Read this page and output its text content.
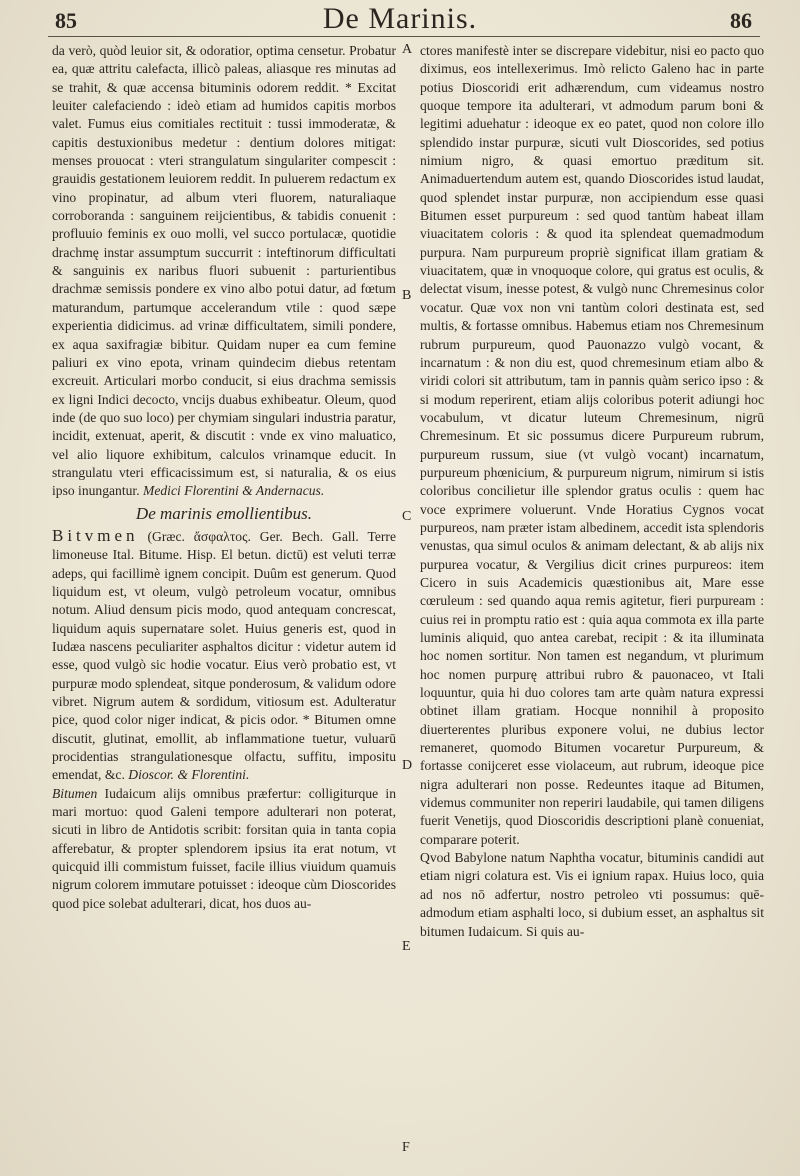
85	De Marinis.	86

da verò, quòd leuior sit, & odoratior, optima censetur. Probatur ea, quæ attritu calefacta, illicò paleas, aliasque res minutas ad se trahit, & quæ accensa bituminis odorem reddit. * Excitat leuiter calefaciendo : ideò etiam ad humidos capitis morbos valet. Fumus eius comitiales rectituit : tussi immoderatæ, & capitis destuxionibus medetur : dentium dolores mitigat: menses prouocat : vteri strangulatum singulariter compescit : grauidis gestationem leuiorem reddit. In puluerem redactum ex vino propinatur, ad album vteri fluorem, naturaliaque corroboranda : sanguinem reijcientibus, & tabidis conuenit : profluuio feminis ex ouo molli, vel succo portulacæ, quotidie drachmę instar assumptum succurrit : inteftinorum difficultati & sanguinis ex naribus fluori subuenit : parturientibus drachmæ semissis pondere ex vino albo potui datur, ad fœtum maturandum, partumque accelerandum vtile : quod sæpe experientia didicimus. ad vrinæ difficultatem, simili pondere, ex aqua saxifragiæ bibitur. Quidam nuper ea cum femine paliuri ex vino epota, vrinam quindecim diebus retentam excreuit. Articulari morbo conducit, si eius drachma semissis ex ligni Indici decocto, vncijs duabus exhibeatur. Oleum, quod inde (de quo suo loco) per chymiam singulari industria paratur, incidit, extenuat, aperit, & discutit : vnde ex vino maluatico, vel alio liquore exhibitum, calculos vrinamque educit. In strangulatu vteri efficacissimum est, si naturalia, & os eius ipso inungantur. Medici Florentini & Andernacus.

De marinis emollientibus.

Bitvmen (Græc. ἄσφαλτος. Ger. Bech. Gall. Terre limoneuse Ital. Bitume. Hisp. El betun. dictū) est veluti terræ adeps, qui facillimè ignem concipit. Duûm est generum. Quod liquidum est, vt oleum, vulgò petroleum vocatur, omnibus notum. Aliud densum picis modo, quod antequam concrescat, liquidum aquis supernatare solet. Huius generis est, quod in Iudæa nascens peculiariter asphaltos dicitur : videtur autem id esse, quod vulgò sic hodie vocatur. Eius verò probatio est, vt purpuræ modo splendeat, sitque ponderosum, & validum odore vibret. Nigrum autem & sordidum, vitiosum est. Adulteratur pice, quod color niger indicat, & picis odor. * Bitumen omne discutit, glutinat, emollit, ab inflammatione tuetur, vuluarū procidentias strangulationesque olfactu, suffitu, impositu emendat, &c. Dioscor. & Florentini.

Bitumen Iudaicum alijs omnibus præfertur: colligiturque in mari mortuo: quod Galeni tempore adulterari non poterat, sicuti in libro de Antidotis scribit: forsitan quia in tanta copia afferebatur, & propter splendorem ipsius ita erat notum, vt quicquid illi commistum fuisset, facile illius viuidum quamuis nigrum colorem immutare potuisset : ideoque cùm Dioscorides quod pice solebat adulterari, dicat, hos duos au-

A
B
C
D
E
F

ctores manifestè inter se discrepare videbitur, nisi eo pacto quo diximus, eos intellexerimus. Imò relicto Galeno hac in parte potius Dioscoridi erit adhærendum, cum videamus nostro quoque tempore ita adulterari, vt admodum parum boni & legitimi aduehatur : ideoque ex eo patet, quod non colore illo splendido instar purpuræ, sicuti vult Dioscorides, sed potius nimium nigro, & quasi emortuo præditum sit. Animaduertendum autem est, quando Dioscorides istud laudat, quod splendet instar purpuræ, non accipiendum esse quasi Bitumen esset purpureum : sed quod tantùm habeat illam viuacitatem coloris : & quod ita splendeat quemadmodum purpura. Nam purpureum propriè significat illam gratiam & viuacitatem, quæ in vnoquoque colore, qui gratus est oculis, & delectat visum, inesse potest, & vulgò nunc Chremesinus color vocatur. Quæ vox non vni tantùm colori destinata est, sed multis, & fortasse omnibus. Habemus etiam nos Chremesinum rubrum purpureum, quod Pauonazzo vulgò vocant, & incarnatum : & non diu est, quod chremesinum etiam albo & viridi colori sit attributum, tam in pannis quàm serico ipso : & si modum reperirent, etiam alijs coloribus poterit adiungi hoc vocabulum, vt dicatur luteum Chremesinum, nigrū Chremesinum. Et sic possumus dicere Purpureum rubrum, purpureum russum, siue (vt vulgò vocant) incarnatum, purpureum phœnicium, & purpureum nigrum, nimirum si istis coloribus concilietur ille splendor gratus oculis : quem hac voce exprimere voluerunt. Vnde Horatius Cygnos vocat purpureos, nam præter istam albedinem, accedit ista splendoris venustas, qua simul oculos & animam delectant, & ab alijs nix purpurea vocatur, & Vergilius dicit crines purpureos: item Cicero in suis Academicis quæstionibus ait, Mare esse cœruleum : sed quando aqua remis agitetur, fieri purpuream : cuius rei in promptu ratio est : quia aqua commota ex illa parte luminis aliquid, quo antea carebat, recipit : & ita illuminata hoc nomen sortitur. Non tamen est negandum, vt plurimum hoc nomen purpurę attribui rubro & pauonaceo, vt Itali loquuntur, quia hi duo colores tam arte quàm natura expressi obtinet illam gratiam. Hocque nonnihil à proposito diuerterentes pluribus exponere volui, ne dubius lector remaneret, quomodo Bitumen vocaretur Purpureum, & fortasse conijceret esse violaceum, aut rubrum, ideoque pice nigra adulterari non posse. Redeuntes itaque ad Bitumen, videmus communiter non reperiri laudabile, qui tamen diligens fuerit Venetijs, quod Dioscoridis descriptioni planè conueniat, comparare poterit.

Qvod Babylone natum Naphtha vocatur, bituminis candidi aut etiam nigri colatura est. Vis ei ignium rapax. Huius loco, quia ad nos nō adfertur, nostro petroleo vti possumus: quē- admodum etiam asphalti loco, si dubium esset, an asphaltus sit bitumen Iudaicum. Si quis au-
